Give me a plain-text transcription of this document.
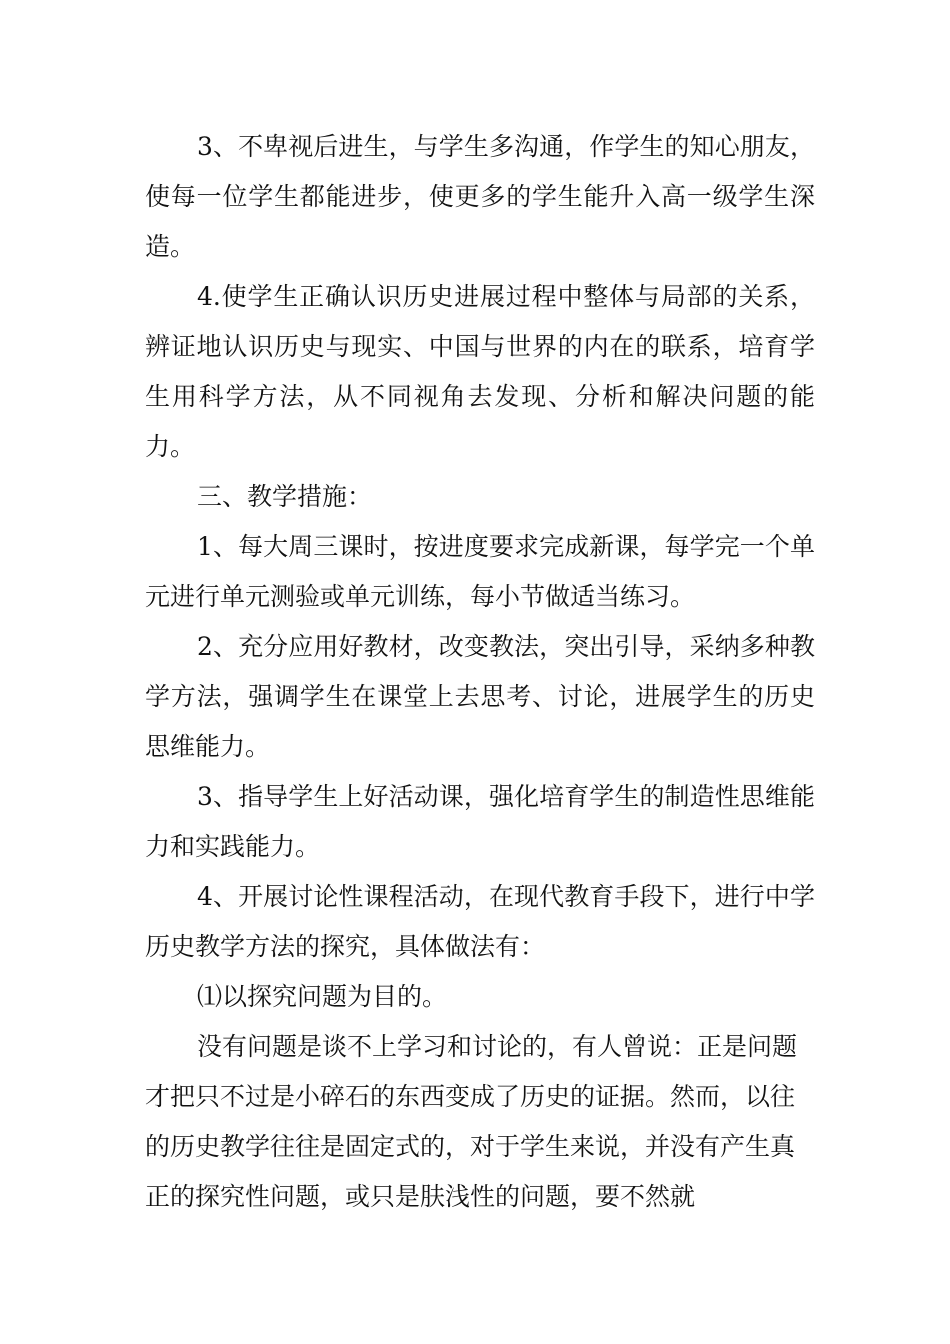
3、不卑视后进生，与学生多沟通，作学生的知心朋友，使每一位学生都能进步，使更多的学生能升入高一级学生深造。

4.使学生正确认识历史进展过程中整体与局部的关系，辨证地认识历史与现实、中国与世界的内在的联系，培育学生用科学方法，从不同视角去发现、分析和解决问题的能力。

三、教学措施：

1、每大周三课时，按进度要求完成新课，每学完一个单元进行单元测验或单元训练，每小节做适当练习。

2、充分应用好教材，改变教法，突出引导，采纳多种教学方法，强调学生在课堂上去思考、讨论，进展学生的历史思维能力。

3、指导学生上好活动课，强化培育学生的制造性思维能力和实践能力。

4、开展讨论性课程活动，在现代教育手段下，进行中学历史教学方法的探究，具体做法有：

⑴以探究问题为目的。

没有问题是谈不上学习和讨论的，有人曾说：正是问题才把只不过是小碎石的东西变成了历史的证据。然而，以往的历史教学往往是固定式的，对于学生来说，并没有产生真正的探究性问题，或只是肤浅性的问题，要不然就
